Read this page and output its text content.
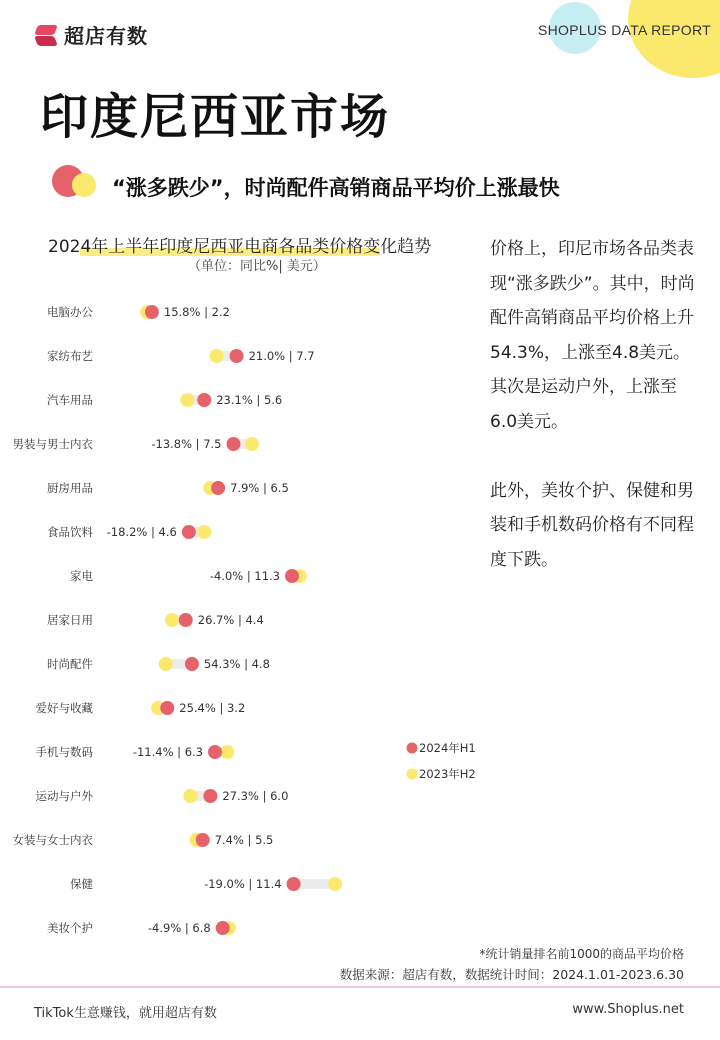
超店有数	SHOPLUS DATA REPORT
印度尼西亚市场
“涨多跌少”，时尚配件高销商品平均价上涨最快
2024年上半年印度尼西亚电商各品类价格变化趋势
（单位：同比%| 美元）
电脑办公	15.8% | 2.2
家纺布艺	21.0% | 7.7
汽车用品	23.1% | 5.6
男装与男士内衣	-13.8% | 7.5
厨房用品	7.9% | 6.5
食品饮料 -18.2% | 4.6
家电	-4.0% | 11.3
居家日用	26.7% | 4.4
时尚配件	54.3% | 4.8
爱好与收藏	25.4% | 3.2
手机与数码	-11.4% | 6.3
运动与户外	27.3% | 6.0
女装与女士内衣	7.4% | 5.5
保健	-19.0% | 11.4
美妆个护	-4.9% | 6.8
2024年H1
2023年H2

价格上，印尼市场各品类表现“涨多跌少”。其中，时尚配件高销商品平均价格上升54.3%，上涨至4.8美元。其次是运动户外，上涨至6.0美元。

此外，美妆个护、保健和男装和手机数码价格有不同程度下跌。

*统计销量排名前1000的商品平均价格
数据来源：超店有数，数据统计时间：2024.1.01-2023.6.30
TikTok生意赚钱，就用超店有数	www.Shoplus.net
